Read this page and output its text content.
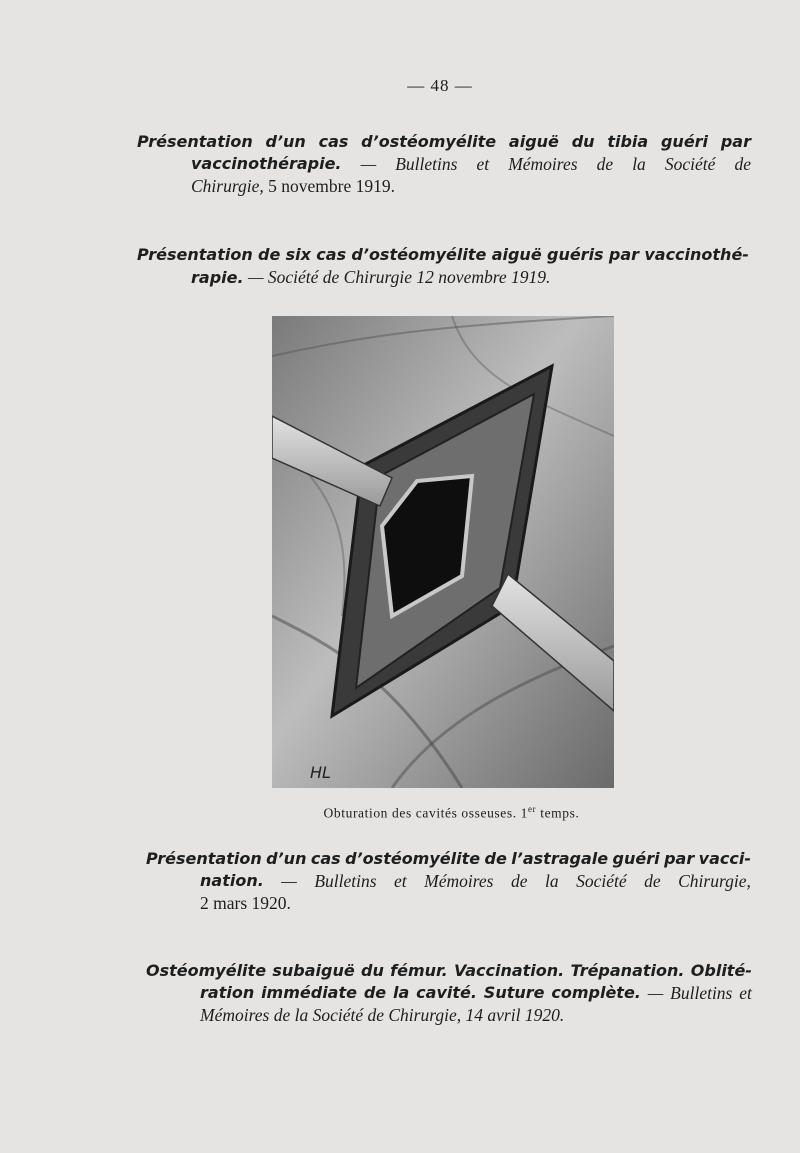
— 48 —
Présentation d’un cas d’ostéomyélite aiguë du tibia guéri par
vaccinothérapie. — Bulletins et Mémoires de la Société de
Chirurgie, 5 novembre 1919.
Présentation de six cas d’ostéomyélite aiguë guéris par vaccinothé-
rapie. — Société de Chirurgie 12 novembre 1919.
HL
Obturation des cavités osseuses. 1er temps.
Présentation d’un cas d’ostéomyélite de l’astragale guéri par vacci-
nation. — Bulletins et Mémoires de la Société de Chirurgie,
2 mars 1920.
Ostéomyélite subaiguë du fémur. Vaccination. Trépanation. Oblité-
ration immédiate de la cavité. Suture complète. — Bulletins et
Mémoires de la Société de Chirurgie, 14 avril 1920.
